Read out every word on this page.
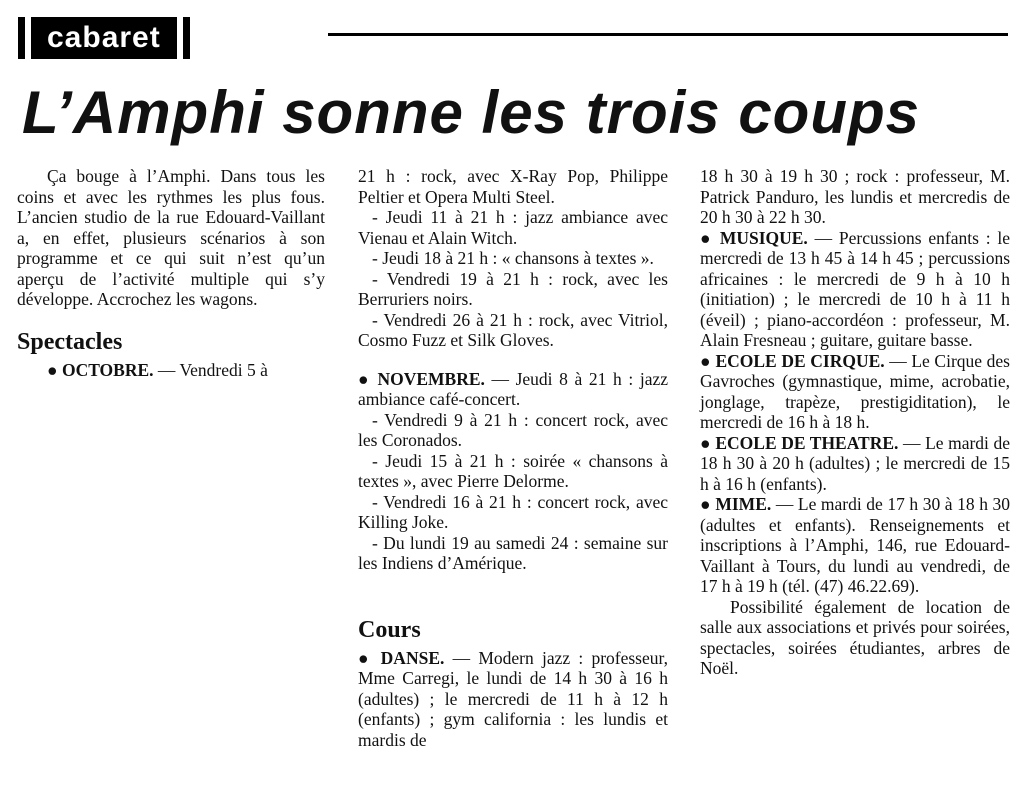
cabaret
L’Amphi sonne les trois coups

Ça bouge à l’Amphi. Dans tous les coins et avec les rythmes les plus fous. L’ancien studio de la rue Edouard-Vaillant a, en effet, plusieurs scénarios à son programme et ce qui suit n’est qu’un aperçu de l’activité multiple qui s’y développe. Accrochez les wagons.

Spectacles

● OCTOBRE. — Vendredi 5 à

21 h : rock, avec X-Ray Pop, Philippe Peltier et Opera Multi Steel.

- Jeudi 11 à 21 h : jazz ambiance avec Vienau et Alain Witch.

- Jeudi 18 à 21 h : « chansons à textes ».

- Vendredi 19 à 21 h : rock, avec les Berruriers noirs.

- Vendredi 26 à 21 h : rock, avec Vitriol, Cosmo Fuzz et Silk Gloves.

● NOVEMBRE. — Jeudi 8 à 21 h : jazz ambiance café-concert.

- Vendredi 9 à 21 h : concert rock, avec les Coronados.

- Jeudi 15 à 21 h : soirée « chansons à textes », avec Pierre Delorme.

- Vendredi 16 à 21 h : concert rock, avec Killing Joke.

- Du lundi 19 au samedi 24 : semaine sur les Indiens d’Amérique.

Cours

● DANSE. — Modern jazz : professeur, Mme Carregi, le lundi de 14 h 30 à 16 h (adultes) ; le mercredi de 11 h à 12 h (enfants) ; gym california : les lundis et mardis de

18 h 30 à 19 h 30 ; rock : professeur, M. Patrick Panduro, les lundis et mercredis de 20 h 30 à 22 h 30.

● MUSIQUE. — Percussions enfants : le mercredi de 13 h 45 à 14 h 45 ; percussions africaines : le mercredi de 9 h à 10 h (initiation) ; le mercredi de 10 h à 11 h (éveil) ; piano-accordéon : professeur, M. Alain Fresneau ; guitare, guitare basse.

● ECOLE DE CIRQUE. — Le Cirque des Gavroches (gymnastique, mime, acrobatie, jonglage, trapèze, prestigiditation), le mercredi de 16 h à 18 h.

● ECOLE DE THEATRE. — Le mardi de 18 h 30 à 20 h (adultes) ; le mercredi de 15 h à 16 h (enfants).

● MIME. — Le mardi de 17 h 30 à 18 h 30 (adultes et enfants). Renseignements et inscriptions à l’Amphi, 146, rue Edouard-Vaillant à Tours, du lundi au vendredi, de 17 h à 19 h (tél. (47) 46.22.69).

Possibilité également de location de salle aux associations et privés pour soirées, spectacles, soirées étudiantes, arbres de Noël.
